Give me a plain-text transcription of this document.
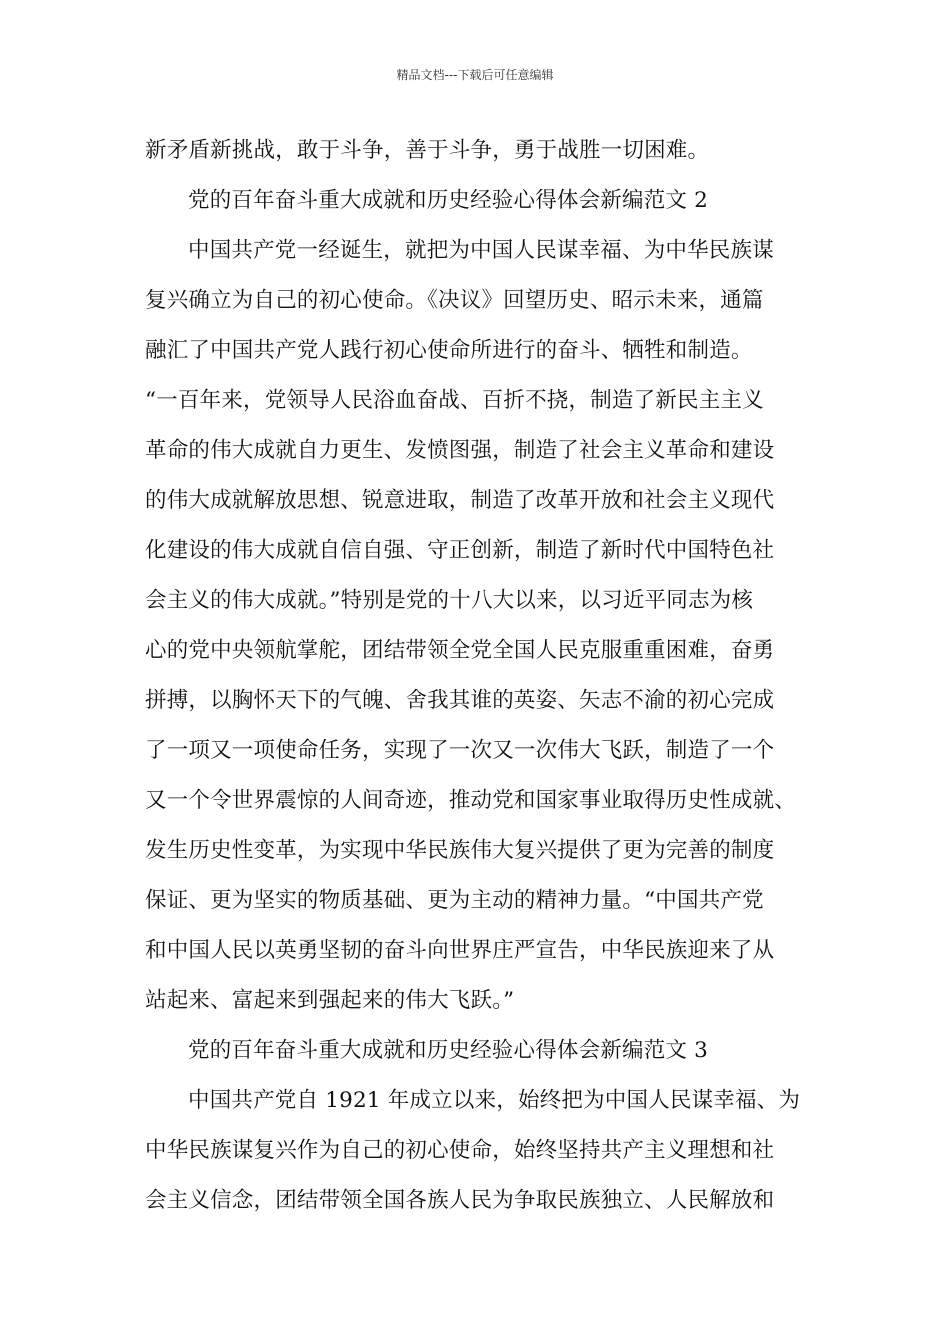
精品文档---下载后可任意编辑
新矛盾新挑战，敢于斗争，善于斗争，勇于战胜一切困难。
党的百年奋斗重大成就和历史经验心得体会新编范文 2
中国共产党一经诞生，就把为中国人民谋幸福、为中华民族谋
复兴确立为自己的初心使命。《决议》回望历史、昭示未来，通篇
融汇了中国共产党人践行初心使命所进行的奋斗、牺牲和制造。
“一百年来，党领导人民浴血奋战、百折不挠，制造了新民主主义
革命的伟大成就自力更生、发愤图强，制造了社会主义革命和建设
的伟大成就解放思想、锐意进取，制造了改革开放和社会主义现代
化建设的伟大成就自信自强、守正创新，制造了新时代中国特色社
会主义的伟大成就。”特别是党的十八大以来，以习近平同志为核
心的党中央领航掌舵，团结带领全党全国人民克服重重困难，奋勇
拼搏，以胸怀天下的气魄、舍我其谁的英姿、矢志不渝的初心完成
了一项又一项使命任务，实现了一次又一次伟大飞跃，制造了一个
又一个令世界震惊的人间奇迹，推动党和国家事业取得历史性成就、
发生历史性变革，为实现中华民族伟大复兴提供了更为完善的制度
保证、更为坚实的物质基础、更为主动的精神力量。“中国共产党
和中国人民以英勇坚韧的奋斗向世界庄严宣告，中华民族迎来了从
站起来、富起来到强起来的伟大飞跃。”
党的百年奋斗重大成就和历史经验心得体会新编范文 3
中国共产党自 1921 年成立以来，始终把为中国人民谋幸福、为
中华民族谋复兴作为自己的初心使命，始终坚持共产主义理想和社
会主义信念，团结带领全国各族人民为争取民族独立、人民解放和
